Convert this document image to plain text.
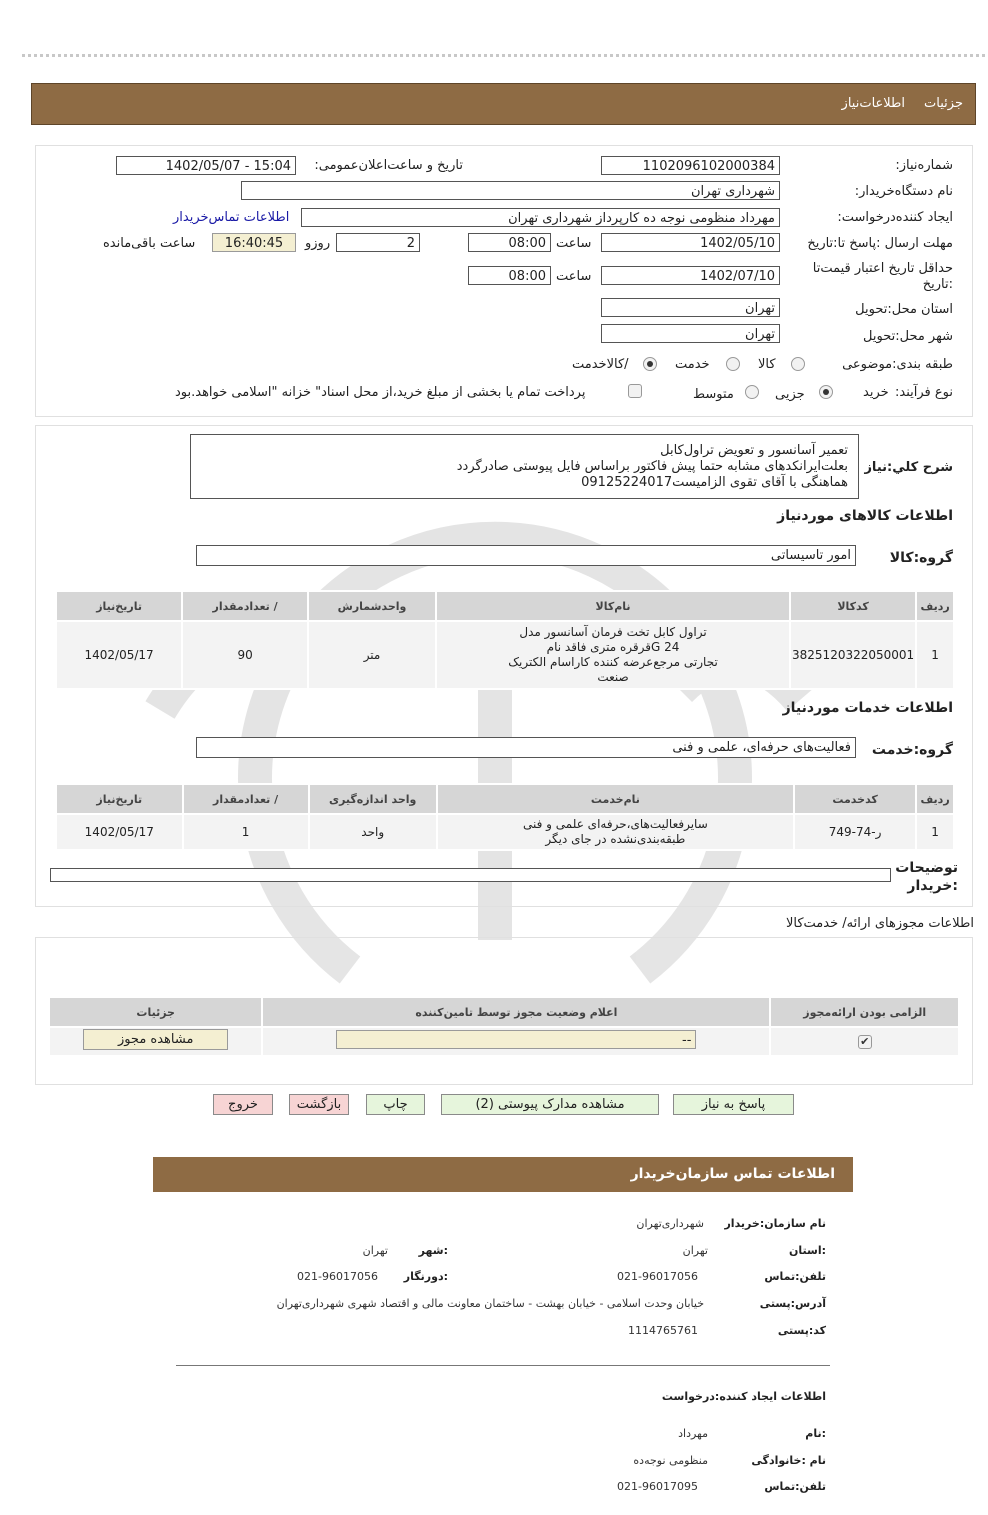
جزئیات
اطلاعات‌نیاز
شماره‌نیاز:
1102096102000384
تاریخ و ساعت‌اعلان‌عمومی:
1402/05/07 - 15:04
نام دستگاه‌خریدار:
شهرداری تهران
ایجاد کننده‌درخواست:
مهرداد منظومی نوجه ده کارپرداز شهرداری تهران
اطلاعات تماس‌خریدار
مهلت ارسال :پاسخ تا:تاریخ
1402/05/10
ساعت
08:00
2
روزو
16:40:45
ساعت باقی‌مانده
حداقل تاریخ اعتبار قیمت‌تا
:تاریخ
1402/07/10
ساعت
08:00
استان محل:تحویل
تهران
شهر محل:تحویل
تهران
طبقه بندی:موضوعی
کالا
خدمت
/کالاخدمت
نوع فرآیند:
خرید
جزیی
متوسط
پرداخت تمام یا بخشی از مبلغ خرید،از محل اسناد" خزانه "اسلامی خواهد.بود
شرح کلي:نیاز
تعمیر آسانسور و تعویض تراول‌کابل
بعلت‌ایرانکدهای مشابه حتما پیش فاکتور براساس فایل پیوستی صادرگردد
هماهنگی با آقای تقوی الزامیست09125224017
اطلاعات کالاهای موردنیاز
گروه:کالا
امور تاسیساتی
ردیف	کدکالا	نام‌کالا	واحدشمارش	/ تعدادمقدار	تاریخ‌نیاز
1	3825120322050001	تراول کابل تخت فرمان آسانسور مدل
G 24قرقره متری فاقد نام
تجارتی مرجع‌عرضه کننده کاراسام الکتریک
صنعت	متر	90	1402/05/17
اطلاعات خدمات موردنیاز
گروه:خدمت
فعالیت‌های حرفه‌ای، علمی و فنی
ردیف	کدخدمت	نام‌خدمت	واحد اندازه‌گیری	/ تعدادمقدار	تاریخ‌نیاز
1	ر-74-749	سایرفعالیت‌های،حرفه‌ای علمی و فنی
طبقه‌بندی‌نشده در جای دیگر	واحد	1	1402/05/17
توضیحات
:خریدار
اطلاعات مجوزهای ارائه/ خدمت‌کالا
الزامی بودن ارائه‌مجوز	اعلام وضعیت مجوز توسط تامین‌کننده	جزئیات
✔	--	مشاهده مجوز
پاسخ به نیاز
مشاهده مدارک پیوستی (2)
چاپ
بازگشت
خروج
اطلاعات تماس سازمان‌خریدار
نام سازمان:خریدار
شهرداری‌تهران
:استان
تهران
:شهر
تهران
تلفن:تماس
021-96017056
:دورنگار
021-96017056
آدرس:پستی
خیابان وحدت اسلامی - خیابان بهشت - ساختمان معاونت مالی و اقتصاد شهری شهرداری‌تهران
کد:پستی
1114765761
اطلاعات ایجاد کننده:درخواست
:نام
مهرداد
نام :خانوادگی
منظومی نوجه‌ده
تلفن:تماس
021-96017095
